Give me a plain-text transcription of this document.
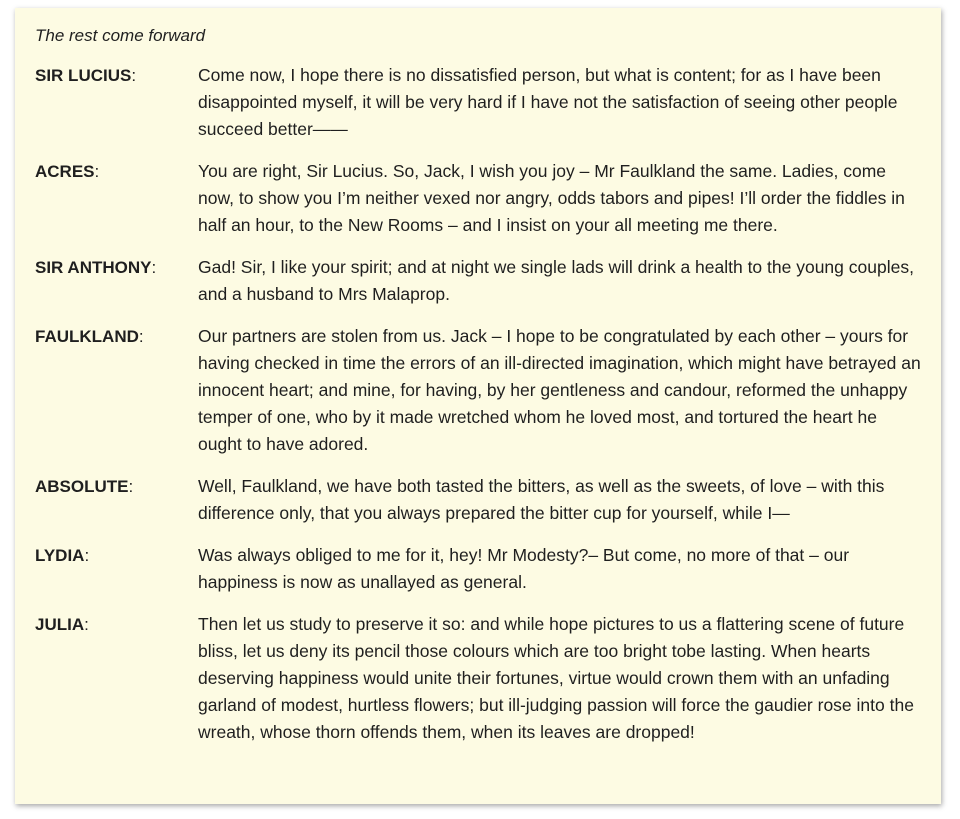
The rest come forward
SIR LUCIUS:	Come now, I hope there is no dissatisfied person, but what is content; for as I have been disappointed myself, it will be very hard if I have not the satisfaction of seeing other people succeed better——
ACRES:	You are right, Sir Lucius. So, Jack, I wish you joy – Mr Faulkland the same. Ladies, come now, to show you I’m neither vexed nor angry, odds tabors and pipes! I’ll order the fiddles in half an hour, to the New Rooms – and I insist on your all meeting me there.
SIR ANTHONY:	Gad! Sir, I like your spirit; and at night we single lads will drink a health to the young couples, and a husband to Mrs Malaprop.
FAULKLAND:	Our partners are stolen from us. Jack – I hope to be congratulated by each other – yours for having checked in time the errors of an ill-directed imagination, which might have betrayed an innocent heart; and mine, for having, by her gentleness and candour, reformed the unhappy temper of one, who by it made wretched whom he loved most, and tortured the heart he ought to have adored.
ABSOLUTE:	Well, Faulkland, we have both tasted the bitters, as well as the sweets, of love – with this difference only, that you always prepared the bitter cup for yourself, while I—
LYDIA:	Was always obliged to me for it, hey! Mr Modesty?– But come, no more of that – our happiness is now as unallayed as general.
JULIA:	Then let us study to preserve it so: and while hope pictures to us a flattering scene of future bliss, let us deny its pencil those colours which are too bright tobe lasting. When hearts deserving happiness would unite their fortunes, virtue would crown them with an unfading garland of modest, hurtless flowers; but ill-judging passion will force the gaudier rose into the wreath, whose thorn offends them, when its leaves are dropped!
